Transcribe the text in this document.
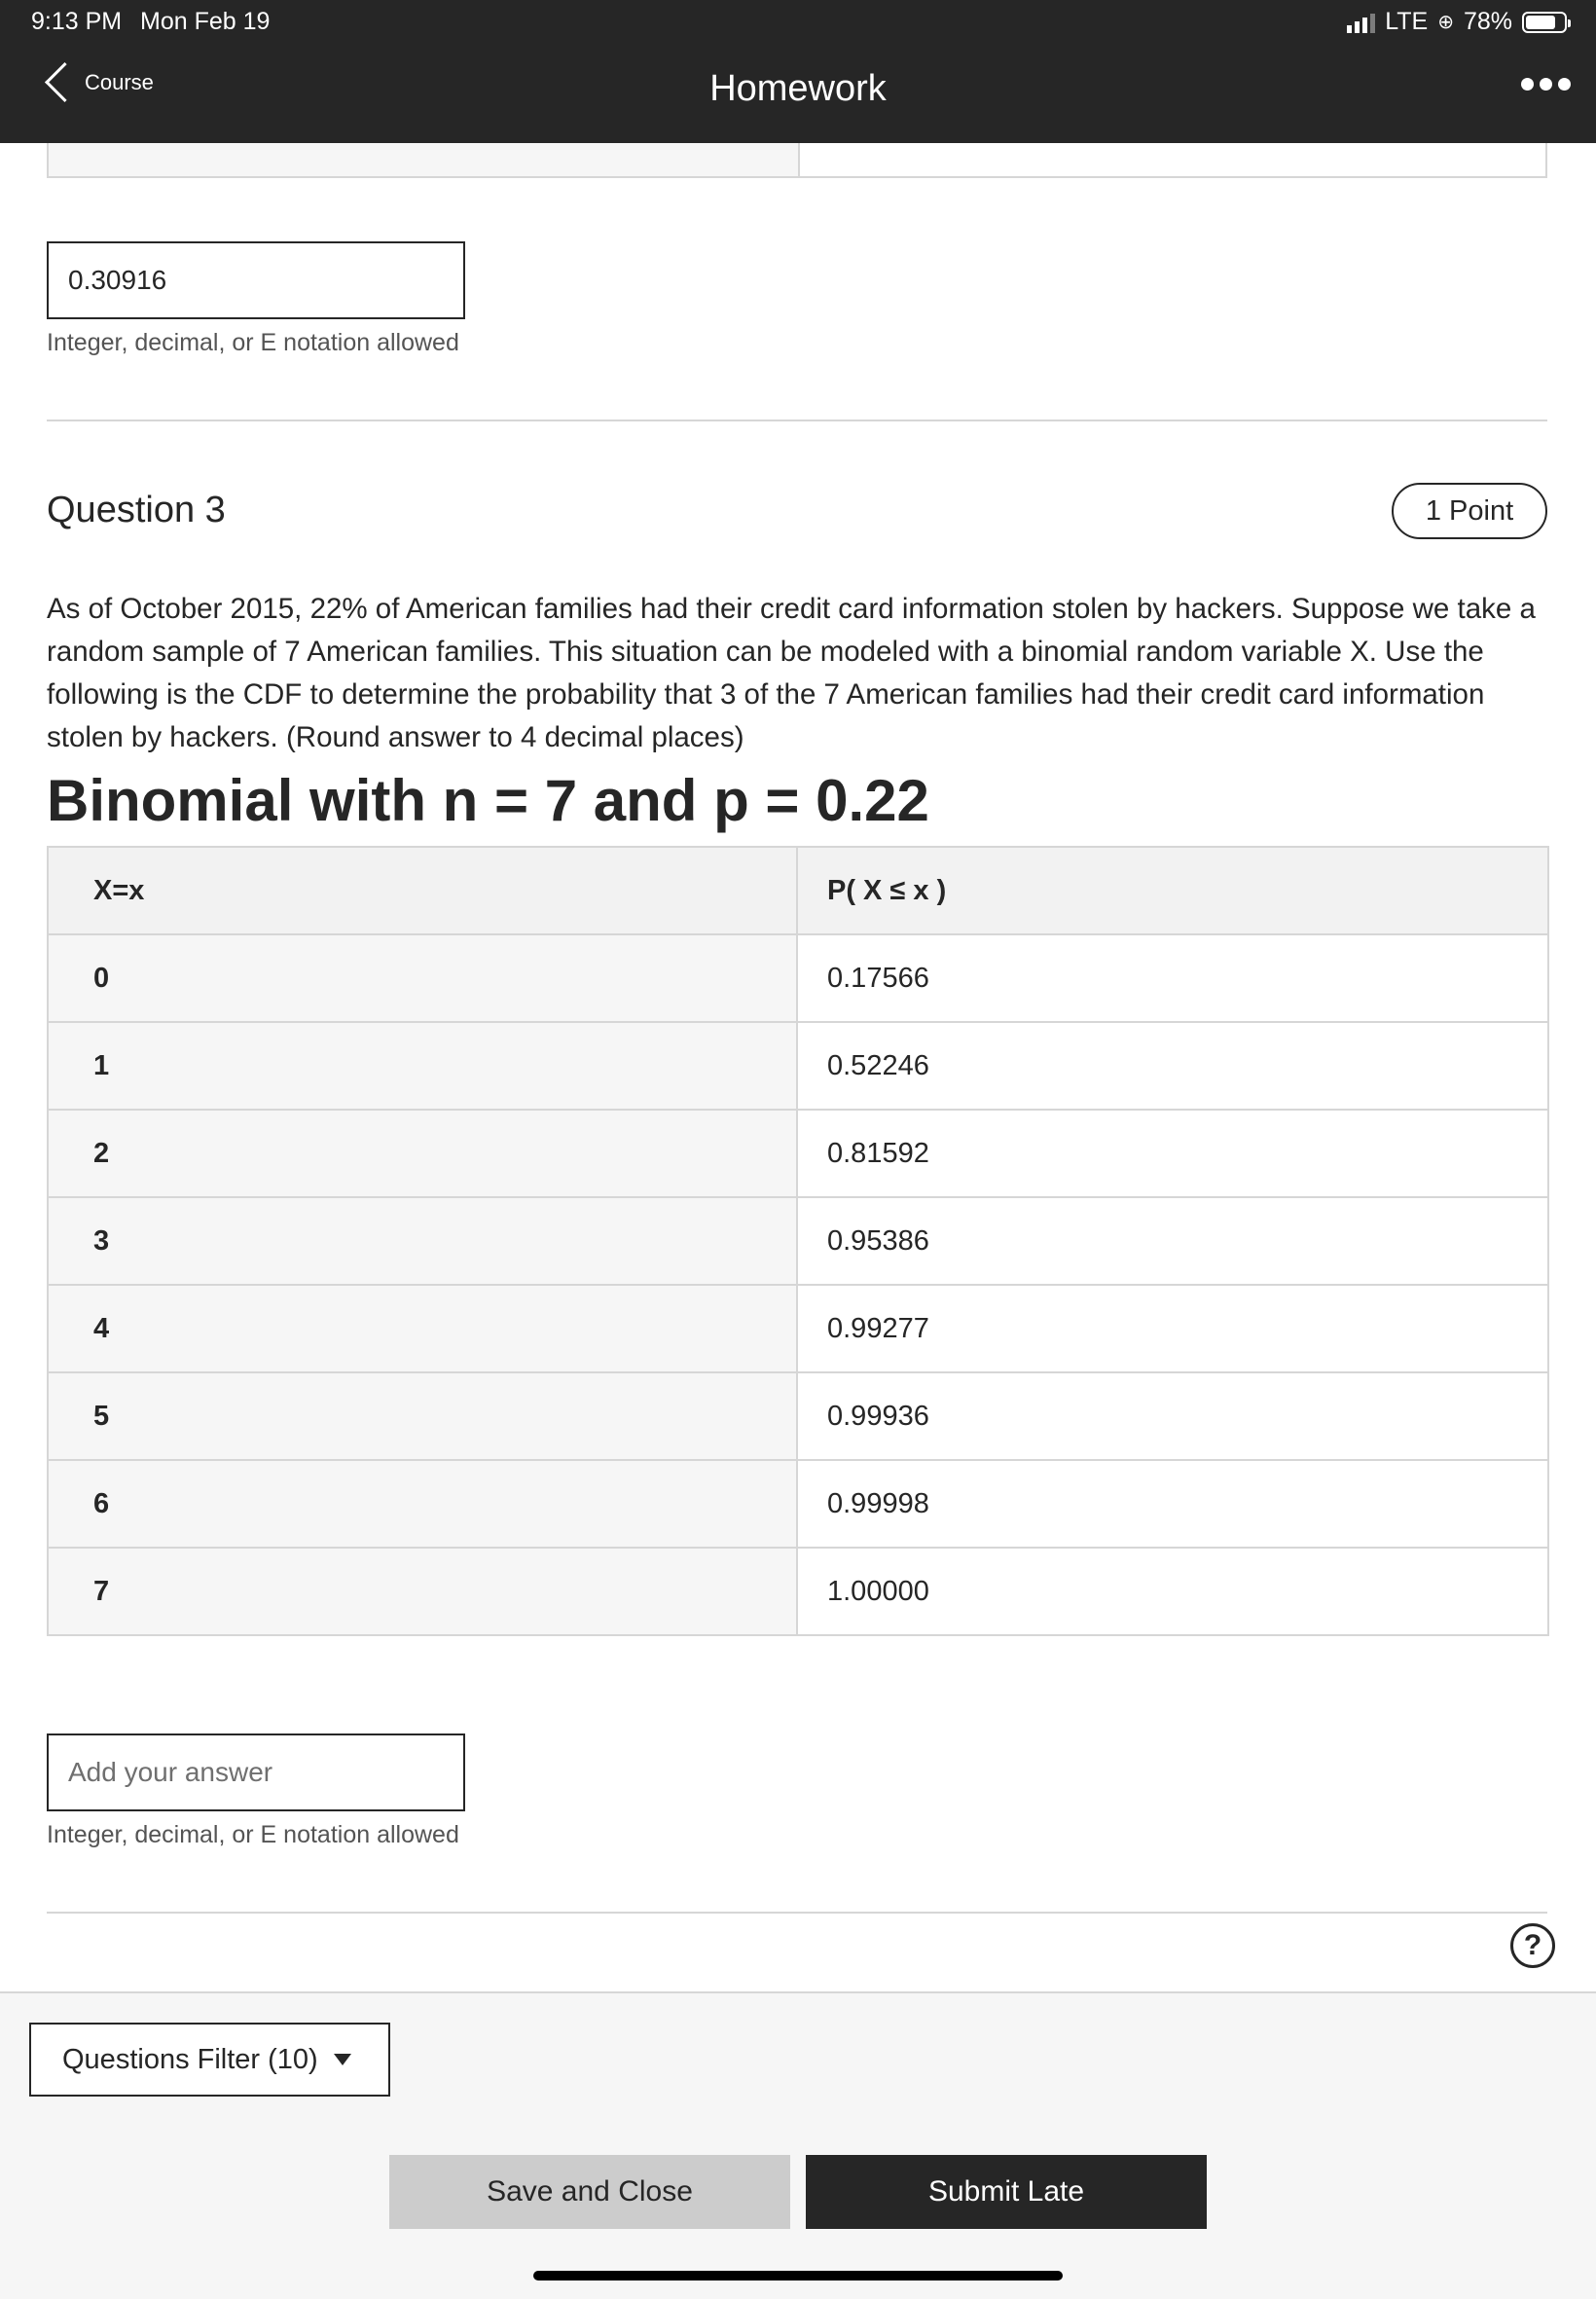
9:13 PM Mon Feb 19	LTE ⊕ 78%
Course	Homework
0.30916
Integer, decimal, or E notation allowed
Question 3	1 Point
As of October 2015, 22% of American families had their credit card information stolen by hackers. Suppose we take a random sample of 7 American families. This situation can be modeled with a binomial random variable X. Use the following is the CDF to determine the probability that 3 of the 7 American families had their credit card information stolen by hackers. (Round answer to 4 decimal places)
Binomial with n = 7 and p = 0.22
X=x	P( X ≤ x )
0	0.17566
1	0.52246
2	0.81592
3	0.95386
4	0.99277
5	0.99936
6	0.99998
7	1.00000
Add your answer
Integer, decimal, or E notation allowed
?
Questions Filter (10)
Save and Close	Submit Late
